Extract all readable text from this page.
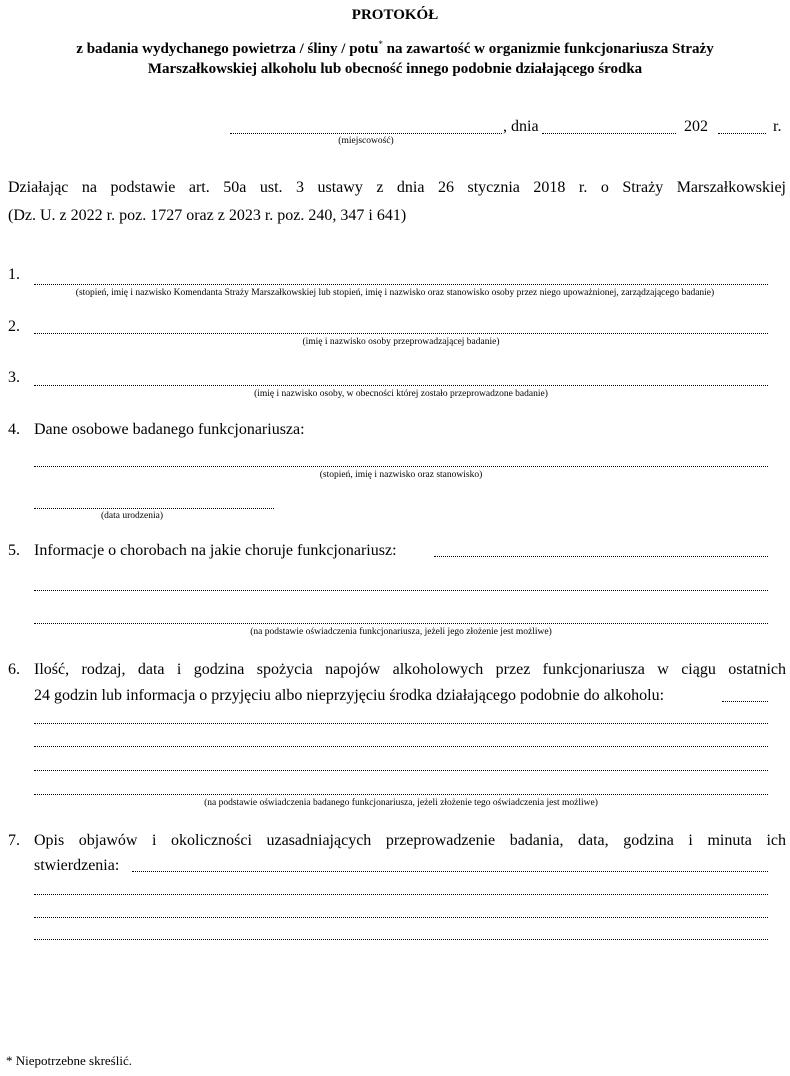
PROTOKÓŁ
z badania wydychanego powietrza / śliny / potu* na zawartość w organizmie funkcjonariusza Straży
Marszałkowskiej alkoholu lub obecność innego podobnie działającego środka
, dnia	202	r.
(miejscowość)
Działając na podstawie art. 50a ust. 3 ustawy z dnia 26 stycznia 2018 r. o Straży Marszałkowskiej
(Dz. U. z 2022 r. poz. 1727 oraz z 2023 r. poz. 240, 347 i 641)
1.
(stopień, imię i nazwisko Komendanta Straży Marszałkowskiej lub stopień, imię i nazwisko oraz stanowisko osoby przez niego upoważnionej, zarządzającego badanie)
2.
(imię i nazwisko osoby przeprowadzającej badanie)
3.
(imię i nazwisko osoby, w obecności której zostało przeprowadzone badanie)
4. Dane osobowe badanego funkcjonariusza:
(stopień, imię i nazwisko oraz stanowisko)
(data urodzenia)
5. Informacje o chorobach na jakie choruje funkcjonariusz:
(na podstawie oświadczenia funkcjonariusza, jeżeli jego złożenie jest możliwe)
6. Ilość, rodzaj, data i godzina spożycia napojów alkoholowych przez funkcjonariusza w ciągu ostatnich
24 godzin lub informacja o przyjęciu albo nieprzyjęciu środka działającego podobnie do alkoholu:
(na podstawie oświadczenia badanego funkcjonariusza, jeżeli złożenie tego oświadczenia jest możliwe)
7. Opis objawów i okoliczności uzasadniających przeprowadzenie badania, data, godzina i minuta ich
stwierdzenia:
* Niepotrzebne skreślić.
